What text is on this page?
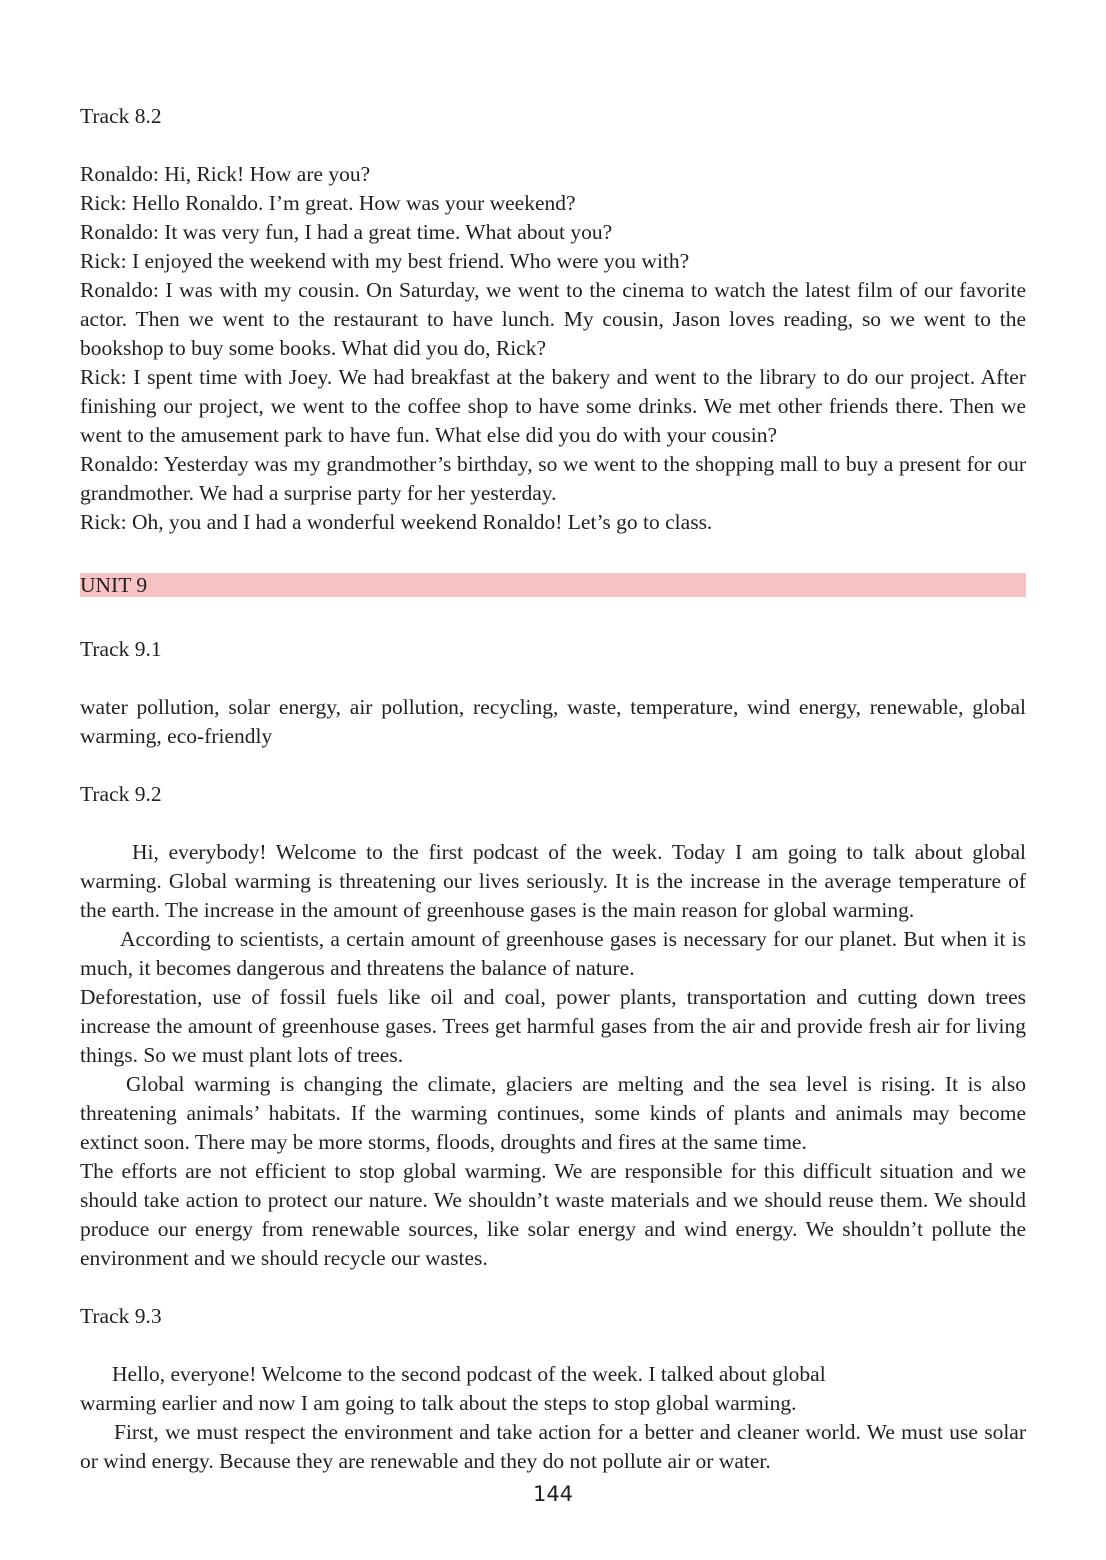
Track 8.2

Ronaldo: Hi, Rick! How are you?

Rick: Hello Ronaldo. I’m great. How was your weekend?

Ronaldo: It was very fun, I had a great time. What about you?

Rick: I enjoyed the weekend with my best friend. Who were you with?

Ronaldo: I was with my cousin. On Saturday, we went to the cinema to watch the latest film of our favorite actor. Then we went to the restaurant to have lunch. My cousin, Jason loves reading, so we went to the bookshop to buy some books. What did you do, Rick?

Rick: I spent time with Joey. We had breakfast at the bakery and went to the library to do our project. After finishing our project, we went to the coffee shop to have some drinks. We met other friends there. Then we went to the amusement park to have fun. What else did you do with your cousin?

Ronaldo: Yesterday was my grandmother’s birthday, so we went to the shopping mall to buy a present for our grandmother. We had a surprise party for her yesterday.

Rick: Oh, you and I had a wonderful weekend Ronaldo! Let’s go to class.

UNIT 9

Track 9.1

water pollution, solar energy, air pollution, recycling, waste, temperature, wind energy, renewable, global warming, eco-friendly

Track 9.2

Hi, everybody! Welcome to the first podcast of the week. Today I am going to talk about global warming. Global warming is threatening our lives seriously. It is the increase in the average temperature of the earth. The increase in the amount of greenhouse gases is the main reason for global warming.

According to scientists, a certain amount of greenhouse gases is necessary for our planet. But when it is much, it becomes dangerous and threatens the balance of nature.

Deforestation, use of fossil fuels like oil and coal, power plants, transportation and cutting down trees increase the amount of greenhouse gases. Trees get harmful gases from the air and provide fresh air for living things. So we must plant lots of trees.

Global warming is changing the climate, glaciers are melting and the sea level is rising. It is also threatening animals’ habitats. If the warming continues, some kinds of plants and animals may become extinct soon. There may be more storms, floods, droughts and fires at the same time.

The efforts are not efficient to stop global warming. We are responsible for this difficult situation and we should take action to protect our nature. We shouldn’t waste materials and we should reuse them. We should produce our energy from renewable sources, like solar energy and wind energy. We shouldn’t pollute the environment and we should recycle our wastes.

Track 9.3

Hello, everyone! Welcome to the second podcast of the week. I talked about global

warming earlier and now I am going to talk about the steps to stop global warming.

First, we must respect the environment and take action for a better and cleaner world. We must use solar or wind energy. Because they are renewable and they do not pollute air or water.

144
